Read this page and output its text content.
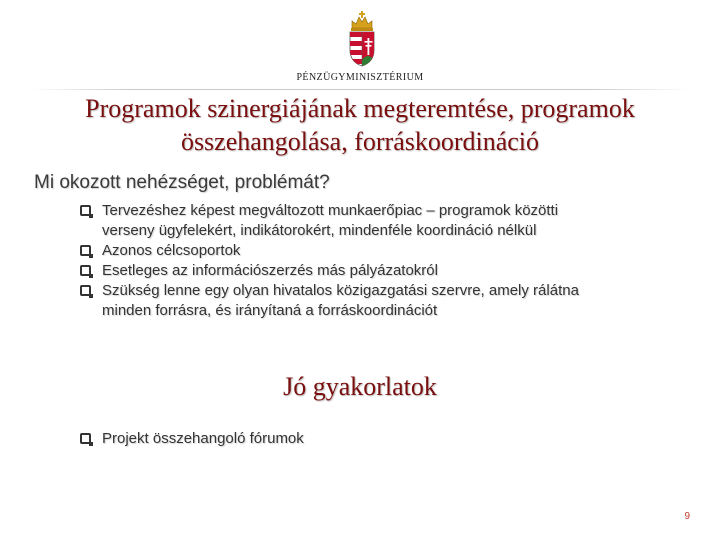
PÉNZÜGYMINISZTÉRIUM
Programok szinergiájának megteremtése, programok
összehangolása, forráskoordináció
Mi okozott nehézséget, problémát?
Tervezéshez képest megváltozott munkaerőpiac – programok közötti
verseny ügyfelekért, indikátorokért, mindenféle koordináció nélkül
Azonos célcsoportok
Esetleges az információszerzés más pályázatokról
Szükség lenne egy olyan hivatalos közigazgatási szervre, amely rálátna
minden forrásra, és irányítaná a forráskoordinációt
Jó gyakorlatok
Projekt összehangoló fórumok
9
